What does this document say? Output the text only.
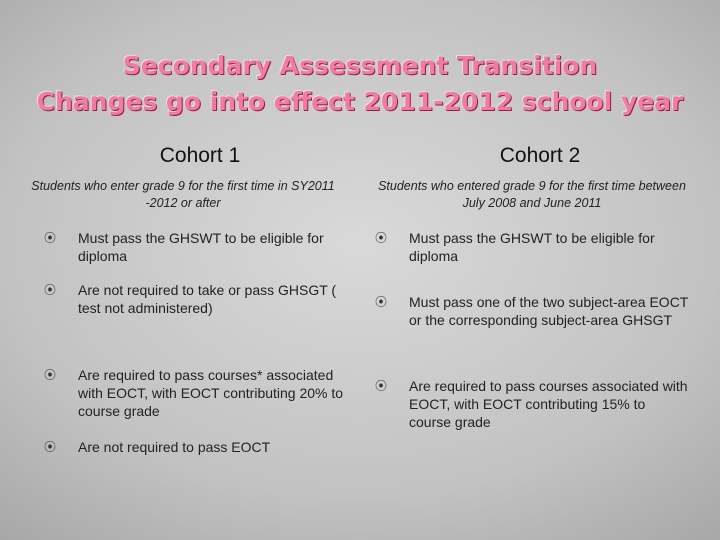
Secondary Assessment Transition
Changes go into effect 2011-2012 school year
Cohort 1	Cohort 2
Students who enter grade 9 for the first time in SY2011 -2012 or after
Students who entered grade 9 for the first time between July 2008 and June 2011
⦿ Must pass the GHSWT to be eligible for diploma
⦿ Are not required to take or pass GHSGT ( test not administered)
⦿ Are required to pass courses* associated with EOCT, with EOCT contributing 20% to course grade
⦿ Are not required to pass EOCT
⦿ Must pass the GHSWT to be eligible for diploma
⦿ Must pass one of the two subject-area EOCT or the corresponding subject-area GHSGT
⦿ Are required to pass courses associated with EOCT, with EOCT contributing 15% to course grade
